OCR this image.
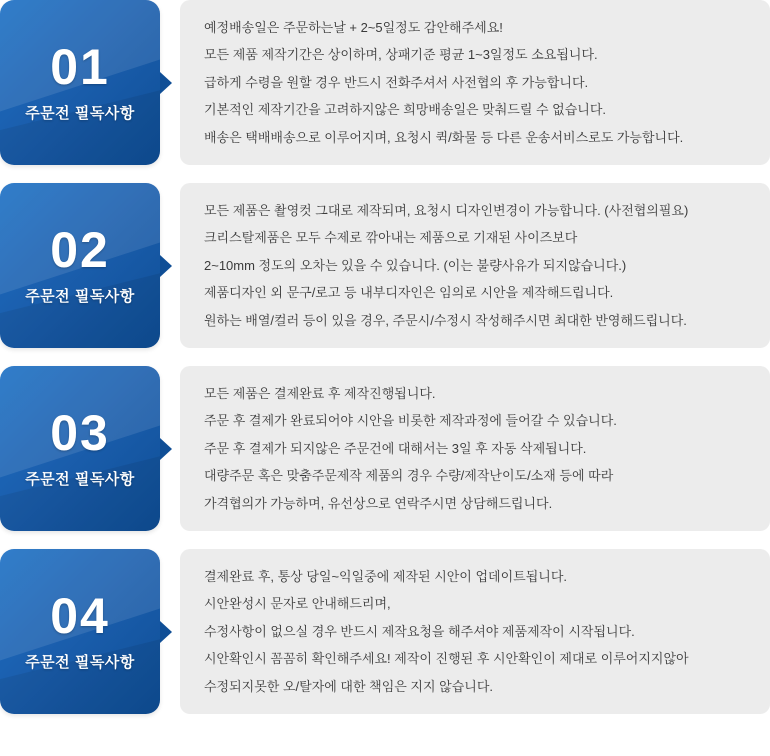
01
주문전 필독사항

예정배송일은 주문하는날 + 2~5일정도 감안해주세요!

모든 제품 제작기간은 상이하며, 상패기준 평균 1~3일정도 소요됩니다.

급하게 수령을 원할 경우 반드시 전화주셔서 사전협의 후 가능합니다.

기본적인 제작기간을 고려하지않은 희망배송일은 맞춰드릴 수 없습니다.

배송은 택배배송으로 이루어지며, 요청시 퀵/화물 등 다른 운송서비스로도 가능합니다.

02
주문전 필독사항

모든 제품은 촬영컷 그대로 제작되며, 요청시 디자인변경이 가능합니다. (사전협의필요)

크리스탈제품은 모두 수제로 깎아내는 제품으로 기재된 사이즈보다

2~10mm 정도의 오차는 있을 수 있습니다. (이는 불량사유가 되지않습니다.)

제품디자인 외 문구/로고 등 내부디자인은 임의로 시안을 제작해드립니다.

원하는 배열/컬러 등이 있을 경우, 주문시/수정시 작성해주시면 최대한 반영해드립니다.

03
주문전 필독사항

모든 제품은 결제완료 후 제작진행됩니다.

주문 후 결제가 완료되어야 시안을 비롯한 제작과정에 들어갈 수 있습니다.

주문 후 결제가 되지않은 주문건에 대해서는 3일 후 자동 삭제됩니다.

대량주문 혹은 맞춤주문제작 제품의 경우 수량/제작난이도/소재 등에 따라

가격협의가 가능하며, 유선상으로 연락주시면 상담해드립니다.

04
주문전 필독사항

결제완료 후, 통상 당일~익일중에 제작된 시안이 업데이트됩니다.

시안완성시 문자로 안내해드리며,

수정사항이 없으실 경우 반드시 제작요청을 해주셔야 제품제작이 시작됩니다.

시안확인시 꼼꼼히 확인해주세요! 제작이 진행된 후 시안확인이 제대로 이루어지지않아

수정되지못한 오/탈자에 대한 책임은 지지 않습니다.
